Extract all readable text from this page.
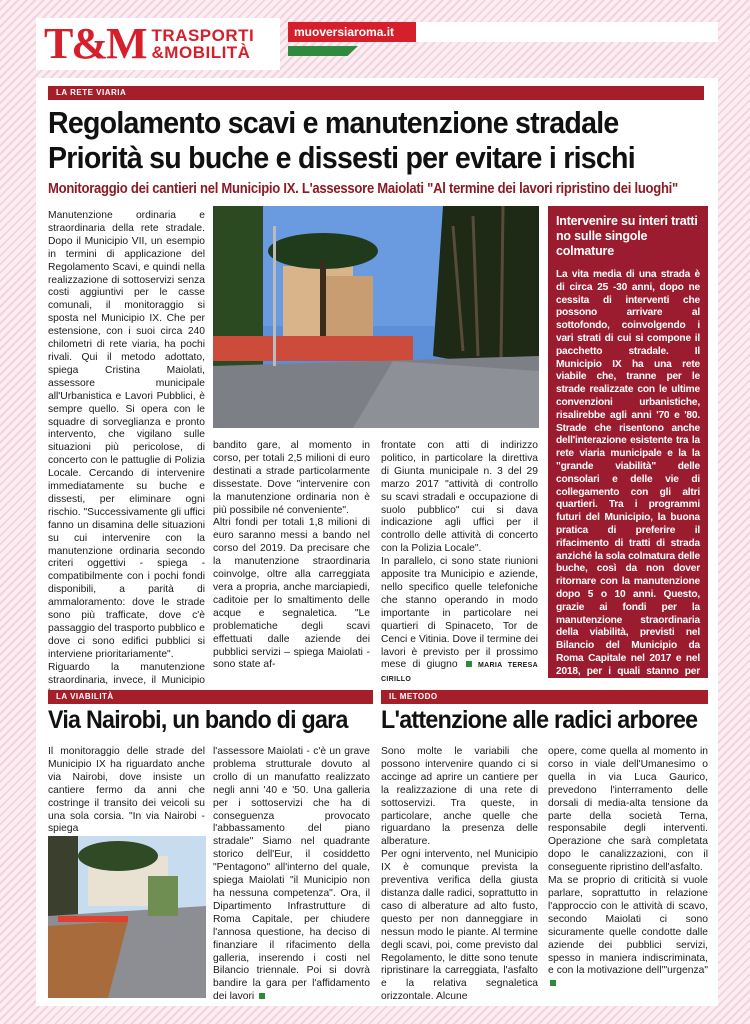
T&M TRASPORTI
&MOBILITÀ
muoversiaroma.it
LA RETE VIARIA
Regolamento scavi e manutenzione stradale
Priorità su buche e dissesti per evitare i rischi
Monitoraggio dei cantieri nel Municipio IX. L'assessore Maiolati "Al termine dei lavori ripristino dei luoghi"

Manutenzione ordinaria e straordinaria della rete stradale. Dopo il Municipio VII, un esempio in termini di applicazione del Regolamento Scavi, e quindi nella realizzazione di sottoservizi senza costi aggiuntivi per le casse comunali, il monitoraggio si sposta nel Municipio IX. Che per estensione, con i suoi circa 240 chilometri di rete viaria, ha pochi rivali. Qui il metodo adottato, spiega Cristina Maiolati, assessore municipale all'Urbanistica e Lavori Pubblici, è sempre quello. Si opera con le squadre di sorveglianza e pronto intervento, che vigilano sulle situazioni più pericolose, di concerto con le pattuglie di Polizia Locale. Cercando di intervenire immediatamente su buche e dissesti, per eliminare ogni rischio. "Successivamente gli uffici fanno un disamina delle situazioni su cui intervenire con la manutenzione ordinaria secondo criteri oggettivi - spiega - compatibilmente con i pochi fondi disponibili, a parità di ammaloramento: dove le strade sono più trafficate, dove c'è passaggio del trasporto pubblico e dove ci sono edifici pubblici si interviene prioritariamente".

Riguardo la manutenzione straordinaria, invece, il Municipio

bandito gare, al momento in corso, per totali 2,5 milioni di euro destinati a strade particolarmente dissestate. Dove "intervenire con la manutenzione ordinaria non è più possibile né conveniente".

Altri fondi per totali 1,8 milioni di euro saranno messi a bando nel corso del 2019. Da precisare che la manutenzione straordinaria coinvolge, oltre alla carreggiata vera a propria, anche marciapiedi, caditoie per lo smaltimento delle acque e segnaletica. "Le problematiche degli scavi effettuati dalle aziende dei pubblici servizi – spiega Maiolati - sono state af-

frontate con atti di indirizzo politico, in particolare la direttiva di Giunta municipale n. 3 del 29 marzo 2017 "attività di controllo su scavi stradali e occupazione di suolo pubblico" cui si dava indicazione agli uffici per il controllo delle attività di concerto con la Polizia Locale".

In parallelo, ci sono state riunioni apposite tra Municipio e aziende, nello specifico quelle telefoniche che stanno operando in modo importante in particolare nei quartieri di Spinaceto, Tor de Cenci e Vitinia. Dove il termine dei lavori è previsto per il prossimo mese di giugno	MARIA TERESA CIRILLO

Intervenire su interi tratti no sulle singole colmature
La vita media di una strada è di circa 25 -30 anni, dopo ne cessita di interventi che possono arrivare al sottofondo, coinvolgendo i vari strati di cui si compone il pacchetto stradale. Il Municipio IX ha una rete viabile che, tranne per le strade realizzate con le ultime convenzioni urbanistiche, risalirebbe agli anni '70 e '80. Strade che risentono anche dell'interazione esistente tra la rete viaria municipale e la la "grande viabilità" delle consolari e delle vie di collegamento con gli altri quartieri. Tra i programmi futuri del Municipio, la buona pratica di preferire il rifacimento di tratti di strada anziché la sola colmatura delle buche, così da non dover ritornare con la manutenzione dopo 5 o 10 anni. Questo, grazie ai fondi per la manutenzione straordinaria della viabilità, previsti nel Bilancio del Municipio da Roma Capitale nel 2017 e nel 2018, per i quali stanno per essere aggiudicate le relative
LA VIABILITÀ
Via Nairobi, un bando di gara

Il monitoraggio delle strade del Municipio IX ha riguardato anche via Nairobi, dove insiste un cantiere fermo da anni che costringe il transito dei veicoli su una sola corsia. "In via Nairobi - spiega

l'assessore Maiolati - c'è un grave problema strutturale dovuto al crollo di un manufatto realizzato negli anni '40 e '50. Una galleria per i sottoservizi che ha di conseguenza provocato l'abbassamento del piano stradale" Siamo nel quadrante storico dell'Eur, il cosiddetto "Pentagono" all'interno del quale, spiega Maiolati "il Municipio non ha nessuna competenza". Ora, il Dipartimento Infrastrutture di Roma Capitale, per chiudere l'annosa questione, ha deciso di finanziare il rifacimento della galleria, inserendo i costi nel Bilancio triennale. Poi si dovrà bandire la gara per l'affidamento dei lavori

IL METODO
L'attenzione alle radici arboree

Sono molte le variabili che possono intervenire quando ci si accinge ad aprire un cantiere per la realizzazione di una rete di sottoservizi. Tra queste, in particolare, anche quelle che riguardano la presenza delle alberature.

Per ogni intervento, nel Municipio IX è comunque prevista la preventiva verifica della giusta distanza dalle radici, soprattutto in caso di alberature ad alto fusto, questo per non danneggiare in nessun modo le piante. Al termine degli scavi, poi, come previsto dal Regolamento, le ditte sono tenute ripristinare la carreggiata, l'asfalto e la relativa segnaletica orizzontale. Alcune

opere, come quella al momento in corso in viale dell'Umanesimo o quella in via Luca Gaurico, prevedono l'interramento delle dorsali di media-alta tensione da parte della società Terna, responsabile degli interventi. Operazione che sarà completata dopo le canalizzazioni, con il conseguente ripristino dell'asfalto.

Ma se proprio di criticità si vuole parlare, soprattutto in relazione l'approccio con le attività di scavo, secondo Maiolati ci sono sicuramente quelle condotte dalle aziende dei pubblici servizi, spesso in maniera indiscriminata, e con la motivazione dell'"urgenza"
